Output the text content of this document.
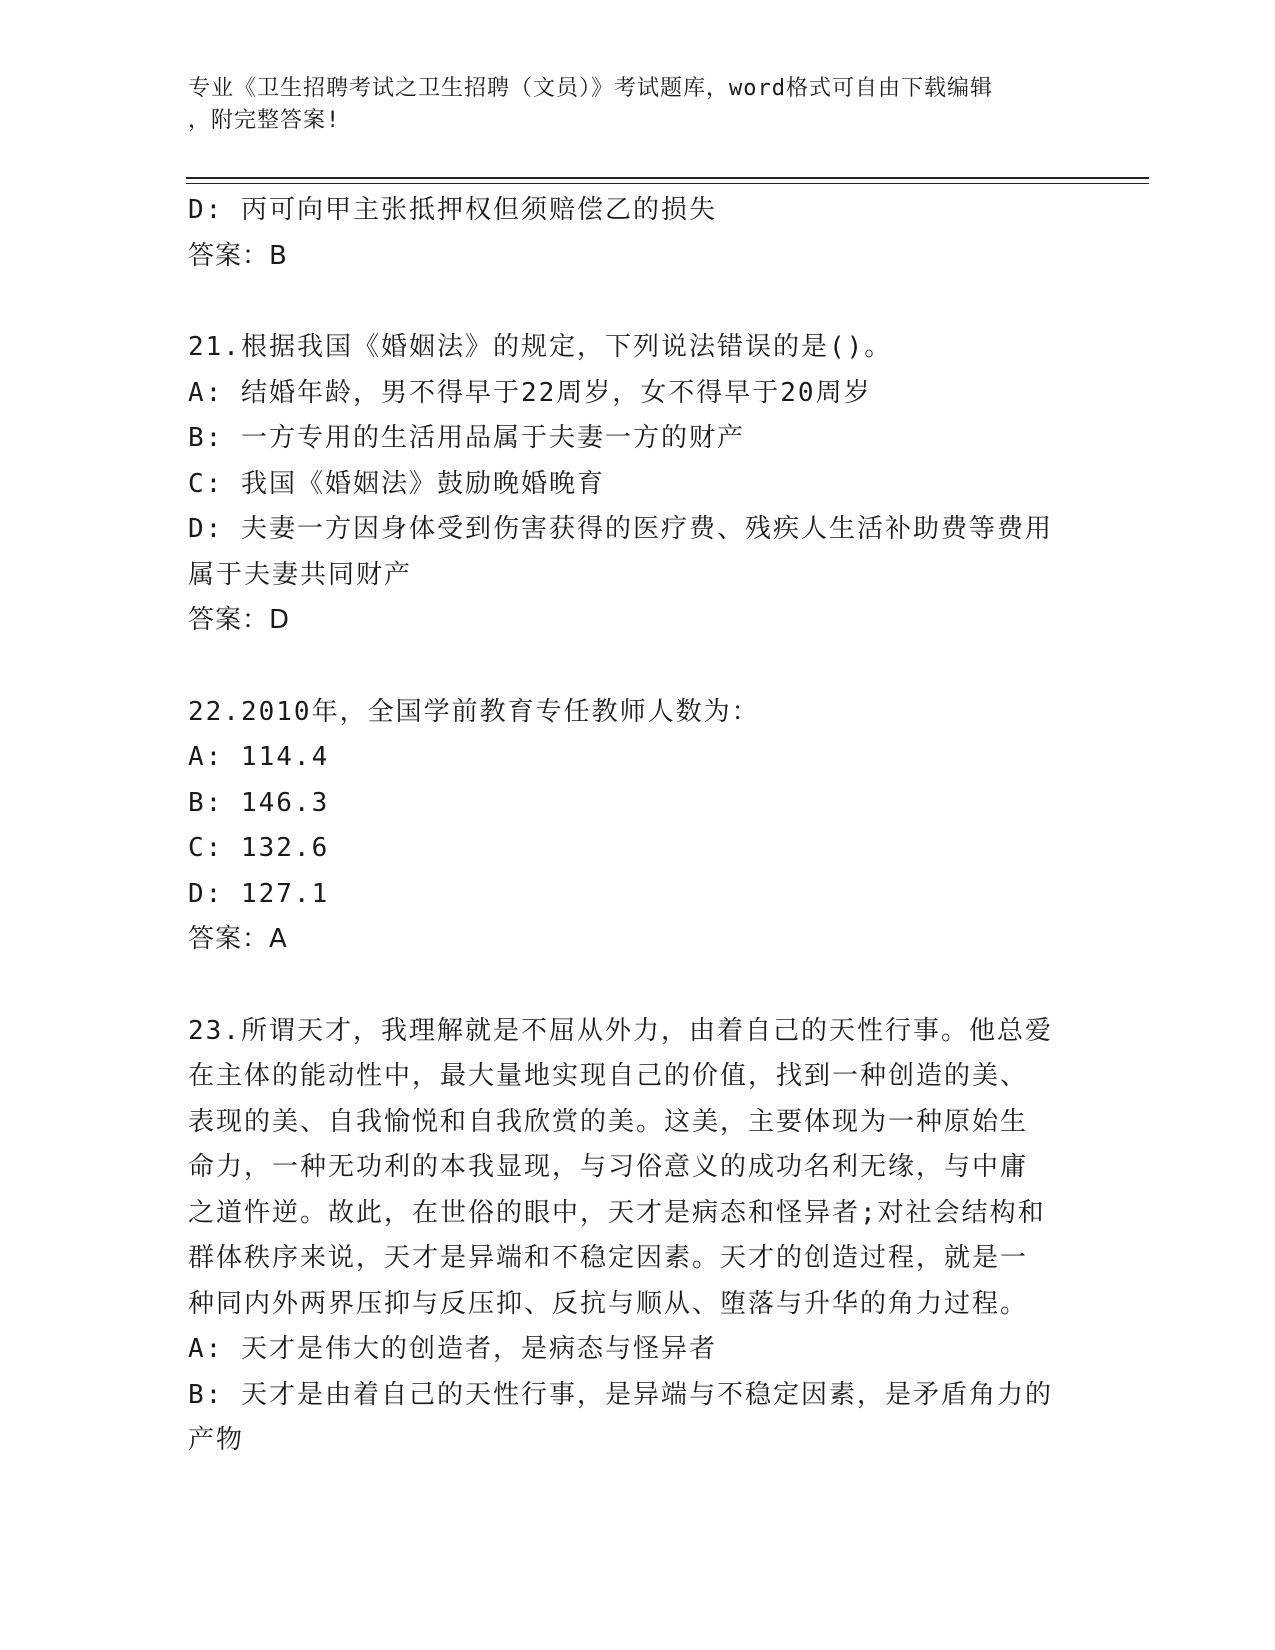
专业《卫生招聘考试之卫生招聘（文员）》考试题库，word格式可自由下载编辑
，附完整答案!
D: 丙可向甲主张抵押权但须赔偿乙的损失
答案：B
21.根据我国《婚姻法》的规定，下列说法错误的是()。
A: 结婚年龄，男不得早于22周岁，女不得早于20周岁
B: 一方专用的生活用品属于夫妻一方的财产
C: 我国《婚姻法》鼓励晚婚晚育
D: 夫妻一方因身体受到伤害获得的医疗费、残疾人生活补助费等费用
属于夫妻共同财产
答案：D
22.2010年，全国学前教育专任教师人数为：
A: 114.4
B: 146.3
C: 132.6
D: 127.1
答案：A
23.所谓天才，我理解就是不屈从外力，由着自己的天性行事。他总爱
在主体的能动性中，最大量地实现自己的价值，找到一种创造的美、
表现的美、自我愉悦和自我欣赏的美。这美，主要体现为一种原始生
命力，一种无功利的本我显现，与习俗意义的成功名利无缘，与中庸
之道忤逆。故此，在世俗的眼中，天才是病态和怪异者;对社会结构和
群体秩序来说，天才是异端和不稳定因素。天才的创造过程，就是一
种同内外两界压抑与反压抑、反抗与顺从、堕落与升华的角力过程。
A: 天才是伟大的创造者，是病态与怪异者
B: 天才是由着自己的天性行事，是异端与不稳定因素，是矛盾角力的
产物
